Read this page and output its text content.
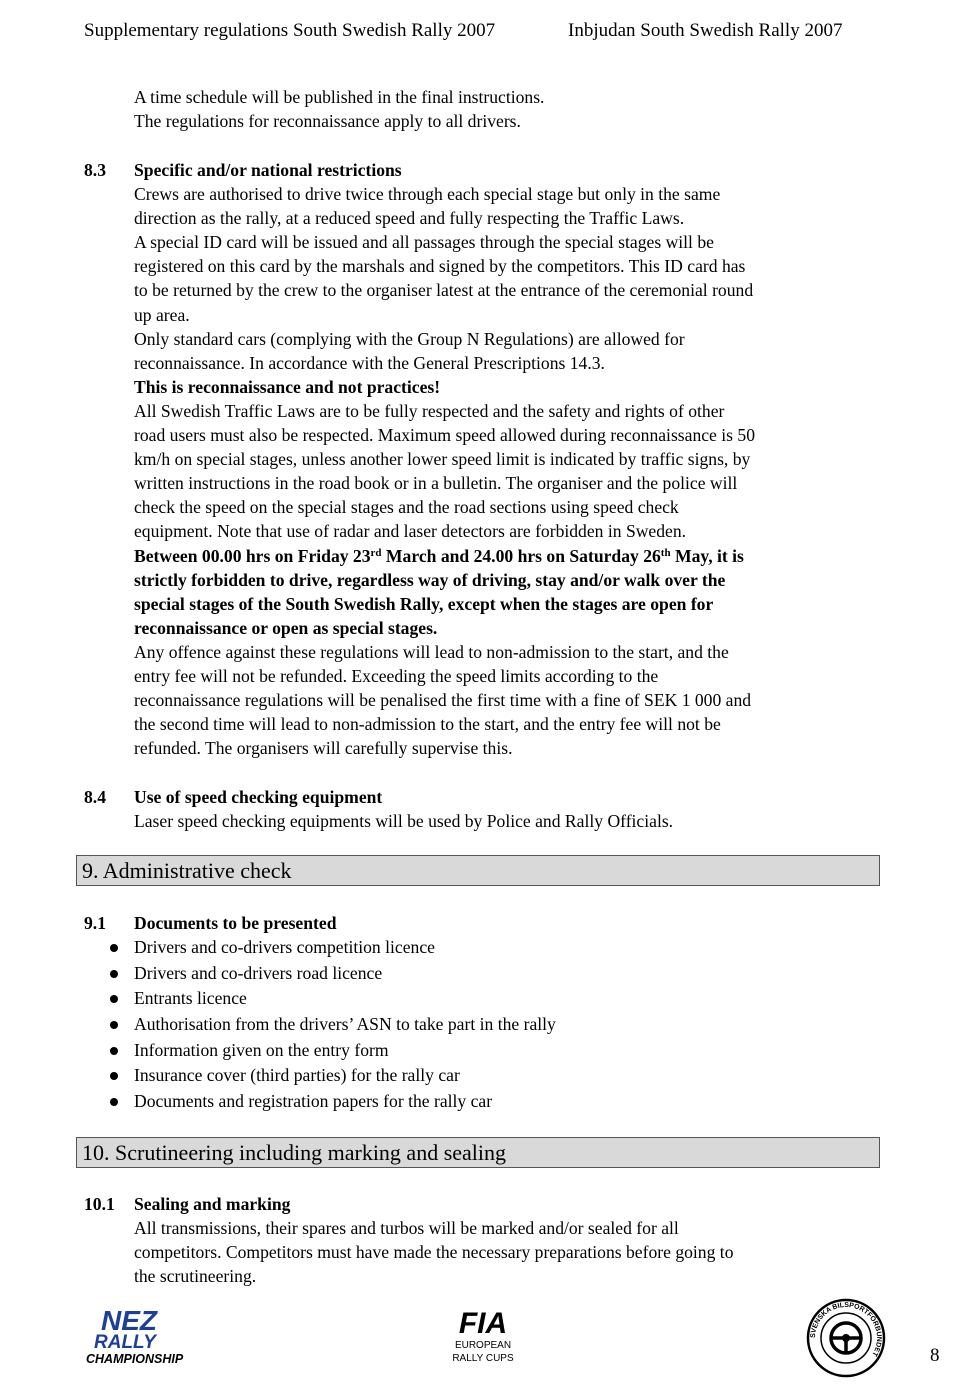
Supplementary regulations South Swedish Rally 2007	Inbjudan South Swedish Rally 2007

A time schedule will be published in the final instructions.

The regulations for reconnaissance apply to all drivers.

8.3 Specific and/or national restrictions

Crews are authorised to drive twice through each special stage but only in the same

direction as the rally, at a reduced speed and fully respecting the Traffic Laws.

A special ID card will be issued and all passages through the special stages will be

registered on this card by the marshals and signed by the competitors. This ID card has

to be returned by the crew to the organiser latest at the entrance of the ceremonial round

up area.

Only standard cars (complying with the Group N Regulations) are allowed for

reconnaissance. In accordance with the General Prescriptions 14.3.

This is reconnaissance and not practices!

All Swedish Traffic Laws are to be fully respected and the safety and rights of other

road users must also be respected. Maximum speed allowed during reconnaissance is 50

km/h on special stages, unless another lower speed limit is indicated by traffic signs, by

written instructions in the road book or in a bulletin. The organiser and the police will

check the speed on the special stages and the road sections using speed check

equipment. Note that use of radar and laser detectors are forbidden in Sweden.

Between 00.00 hrs on Friday 23rd March and 24.00 hrs on Saturday 26th May, it is

strictly forbidden to drive, regardless way of driving, stay and/or walk over the

special stages of the South Swedish Rally, except when the stages are open for

reconnaissance or open as special stages.

Any offence against these regulations will lead to non-admission to the start, and the

entry fee will not be refunded. Exceeding the speed limits according to the

reconnaissance regulations will be penalised the first time with a fine of SEK 1 000 and

the second time will lead to non-admission to the start, and the entry fee will not be

refunded. The organisers will carefully supervise this.

8.4 Use of speed checking equipment

Laser speed checking equipments will be used by Police and Rally Officials.

9. Administrative check
9.1 Documents to be presented

Drivers and co-drivers competition licence
Drivers and co-drivers road licence
Entrants licence
Authorisation from the drivers’ ASN to take part in the rally
Information given on the entry form
Insurance cover (third parties) for the rally car
Documents and registration papers for the rally car
10. Scrutineering including marking and sealing
10.1 Sealing and marking

All transmissions, their spares and turbos will be marked and/or sealed for all

competitors. Competitors must have made the necessary preparations before going to

the scrutineering.

NEZ
RALLY
CHAMPIONSHIP
FIA
EUROPEAN
RALLY CUPS
SVENSKA BILSPORTFÖRBUNDET	8
